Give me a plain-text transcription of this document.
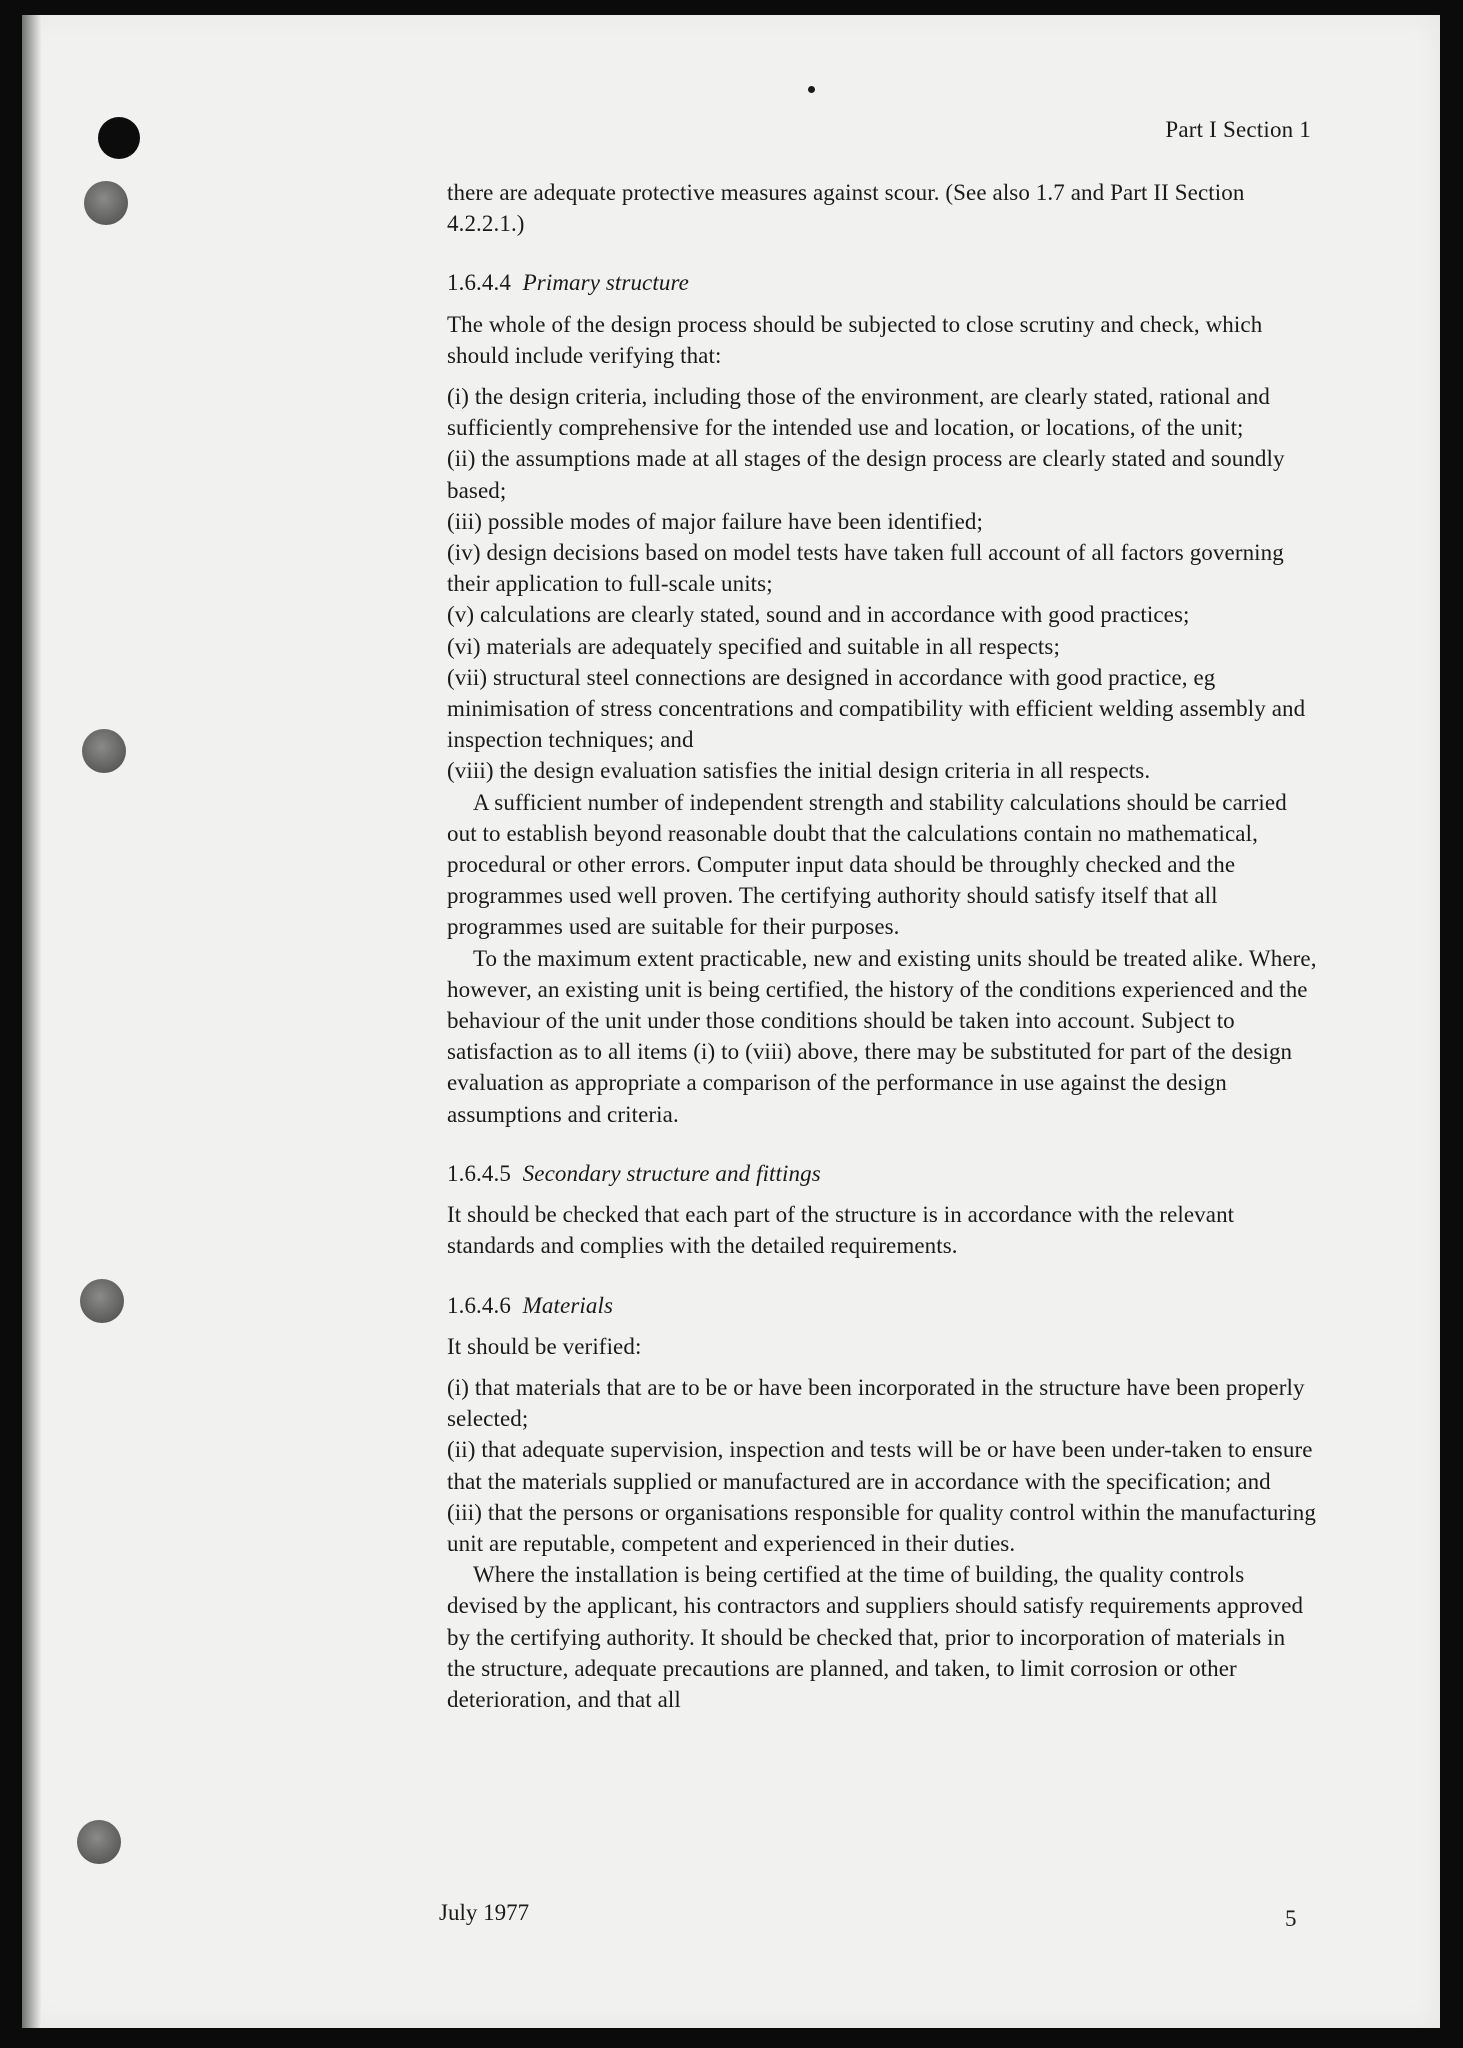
Part I Section 1

there are adequate protective measures against scour. (See also 1.7 and Part II Section 4.2.2.1.)

1.6.4.4 Primary structure

The whole of the design process should be subjected to close scrutiny and check, which should include verifying that:

(i) the design criteria, including those of the environment, are clearly stated, rational and sufficiently comprehensive for the intended use and location, or locations, of the unit;

(ii) the assumptions made at all stages of the design process are clearly stated and soundly based;

(iii) possible modes of major failure have been identified;

(iv) design decisions based on model tests have taken full account of all factors governing their application to full-scale units;

(v) calculations are clearly stated, sound and in accordance with good practices;

(vi) materials are adequately specified and suitable in all respects;

(vii) structural steel connections are designed in accordance with good practice, eg minimisation of stress concentrations and compatibility with efficient welding assembly and inspection techniques; and

(viii) the design evaluation satisfies the initial design criteria in all respects.

A sufficient number of independent strength and stability calculations should be carried out to establish beyond reasonable doubt that the calculations contain no mathematical, procedural or other errors. Computer input data should be throughly checked and the programmes used well proven. The certifying authority should satisfy itself that all programmes used are suitable for their purposes.

To the maximum extent practicable, new and existing units should be treated alike. Where, however, an existing unit is being certified, the history of the conditions experienced and the behaviour of the unit under those conditions should be taken into account. Subject to satisfaction as to all items (i) to (viii) above, there may be substituted for part of the design evaluation as appropriate a comparison of the performance in use against the design assumptions and criteria.

1.6.4.5 Secondary structure and fittings

It should be checked that each part of the structure is in accordance with the relevant standards and complies with the detailed requirements.

1.6.4.6 Materials

It should be verified:

(i) that materials that are to be or have been incorporated in the structure have been properly selected;

(ii) that adequate supervision, inspection and tests will be or have been under-taken to ensure that the materials supplied or manufactured are in accordance with the specification; and

(iii) that the persons or organisations responsible for quality control within the manufacturing unit are reputable, competent and experienced in their duties.

Where the installation is being certified at the time of building, the quality controls devised by the applicant, his contractors and suppliers should satisfy requirements approved by the certifying authority. It should be checked that, prior to incorporation of materials in the structure, adequate precautions are planned, and taken, to limit corrosion or other deterioration, and that all

July 1977	5
